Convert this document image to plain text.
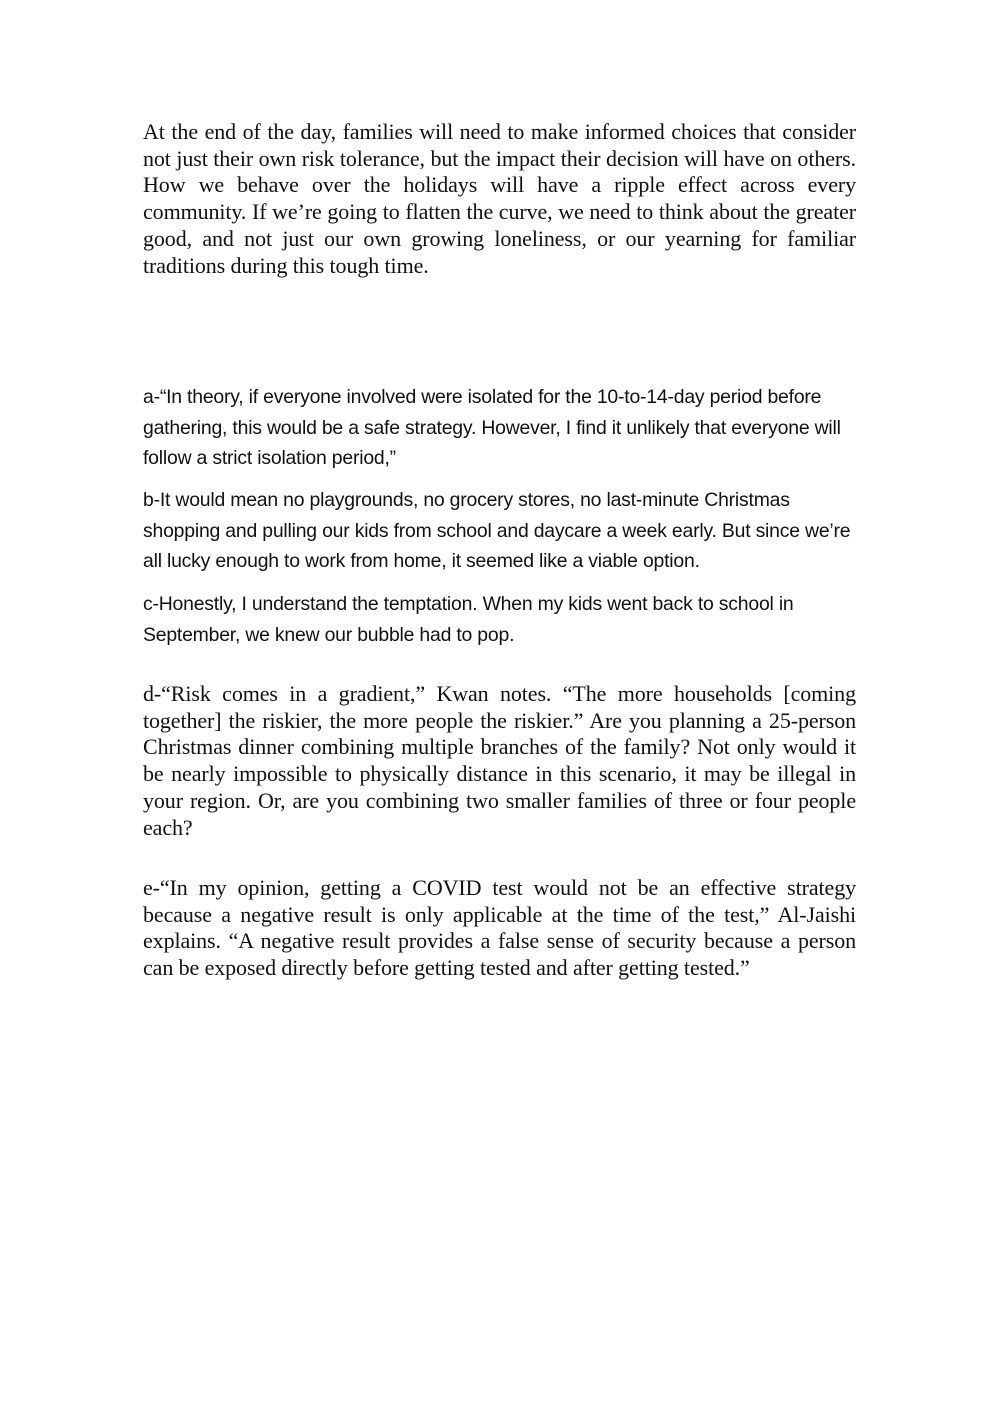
At the end of the day, families will need to make informed choices that consider not just their own risk tolerance, but the impact their decision will have on others. How we behave over the holidays will have a ripple effect across every community. If we’re going to flatten the curve, we need to think about the greater good, and not just our own growing loneliness, or our yearning for familiar traditions during this tough time.

a-“In theory, if everyone involved were isolated for the 10-to-14-day period before gathering, this would be a safe strategy. However, I find it unlikely that everyone will follow a strict isolation period,”

b-It would mean no playgrounds, no grocery stores, no last-minute Christmas shopping and pulling our kids from school and daycare a week early. But since we’re all lucky enough to work from home, it seemed like a viable option.

c-Honestly, I understand the temptation. When my kids went back to school in September, we knew our bubble had to pop.

d-“Risk comes in a gradient,” Kwan notes. “The more households [coming together] the riskier, the more people the riskier.” Are you planning a 25-person Christmas dinner combining multiple branches of the family? Not only would it be nearly impossible to physically distance in this scenario, it may be illegal in your region. Or, are you combining two smaller families of three or four people each?

e-“In my opinion, getting a COVID test would not be an effective strategy because a negative result is only applicable at the time of the test,” Al-Jaishi explains. “A negative result provides a false sense of security because a person can be exposed directly before getting tested and after getting tested.”
